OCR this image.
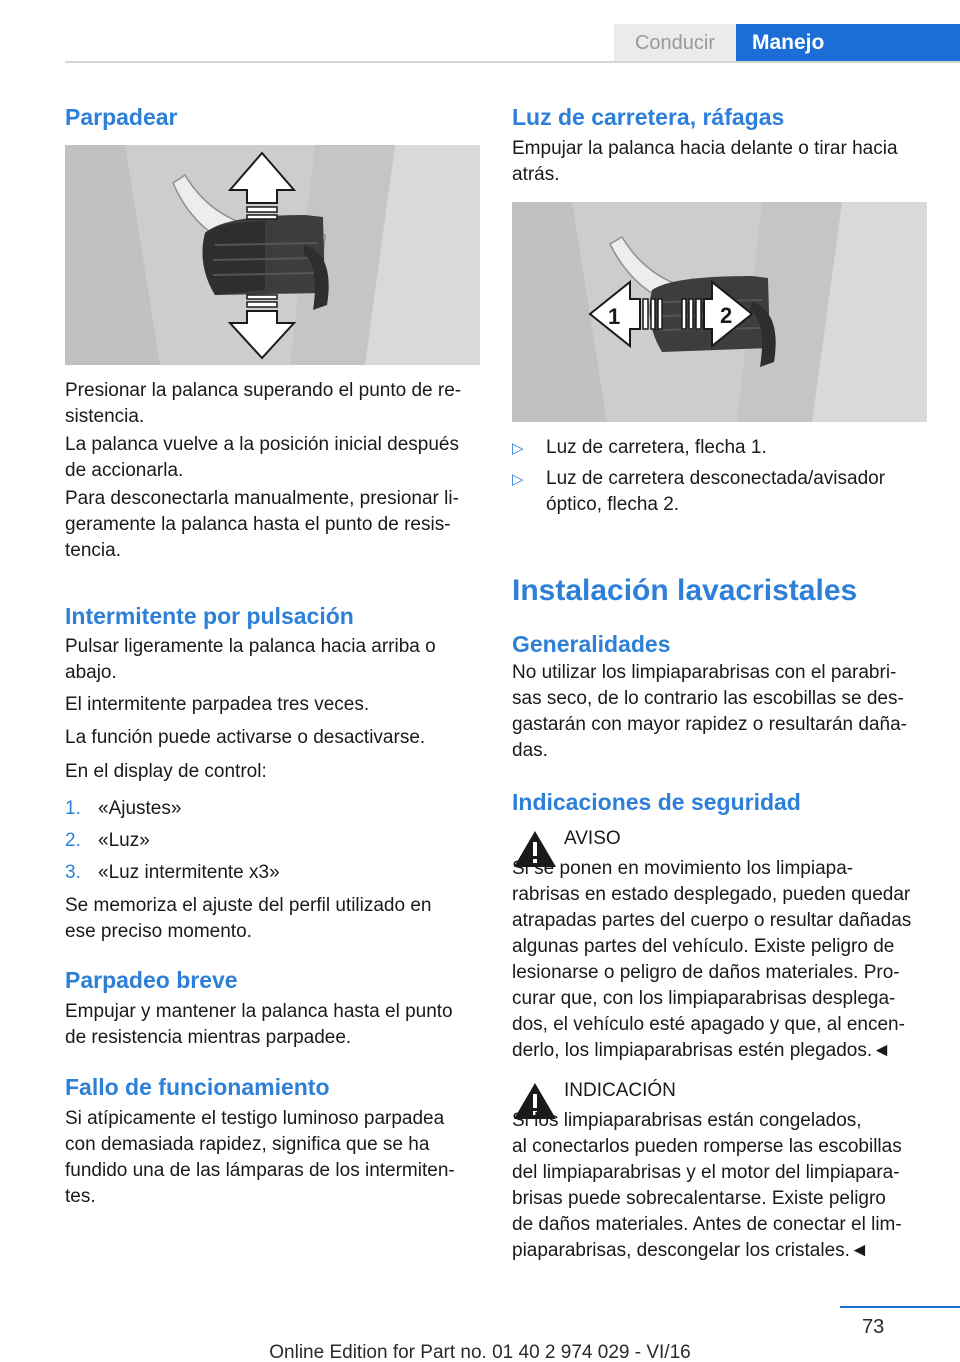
Conducir	Manejo
Parpadear
Presionar la palanca superando el punto de re‐
sistencia.
La palanca vuelve a la posición inicial después
de accionarla.
Para desconectarla manualmente, presionar li‐
geramente la palanca hasta el punto de resis‐
tencia.
Intermitente por pulsación
Pulsar ligeramente la palanca hacia arriba o
abajo.
El intermitente parpadea tres veces.
La función puede activarse o desactivarse.
En el display de control:
1. «Ajustes»
2. «Luz»
3. «Luz intermitente x3»
Se memoriza el ajuste del perfil utilizado en
ese preciso momento.
Parpadeo breve
Empujar y mantener la palanca hasta el punto
de resistencia mientras parpadee.
Fallo de funcionamiento
Si atípicamente el testigo luminoso parpadea
con demasiada rapidez, significa que se ha
fundido una de las lámparas de los intermiten‐
tes.
Luz de carretera, ráfagas
Empujar la palanca hacia delante o tirar hacia
atrás.
1	2
▷ Luz de carretera, flecha 1.
▷ Luz de carretera desconectada/avisador
óptico, flecha 2.
Instalación lavacristales
Generalidades
No utilizar los limpiaparabrisas con el parabri‐
sas seco, de lo contrario las escobillas se des‐
gastarán con mayor rapidez o resultarán daña‐
das.
Indicaciones de seguridad
AVISO
Si se ponen en movimiento los limpiapa‐
rabrisas en estado desplegado, pueden quedar
atrapadas partes del cuerpo o resultar dañadas
algunas partes del vehículo. Existe peligro de
lesionarse o peligro de daños materiales. Pro‐
curar que, con los limpiaparabrisas desplega‐
dos, el vehículo esté apagado y que, al encen‐
derlo, los limpiaparabrisas estén plegados.◄
INDICACIÓN
Si los limpiaparabrisas están congelados,
al conectarlos pueden romperse las escobillas
del limpiaparabrisas y el motor del limpiapara‐
brisas puede sobrecalentarse. Existe peligro
de daños materiales. Antes de conectar el lim‐
piaparabrisas, descongelar los cristales.◄
73
Online Edition for Part no. 01 40 2 974 029 - VI/16
